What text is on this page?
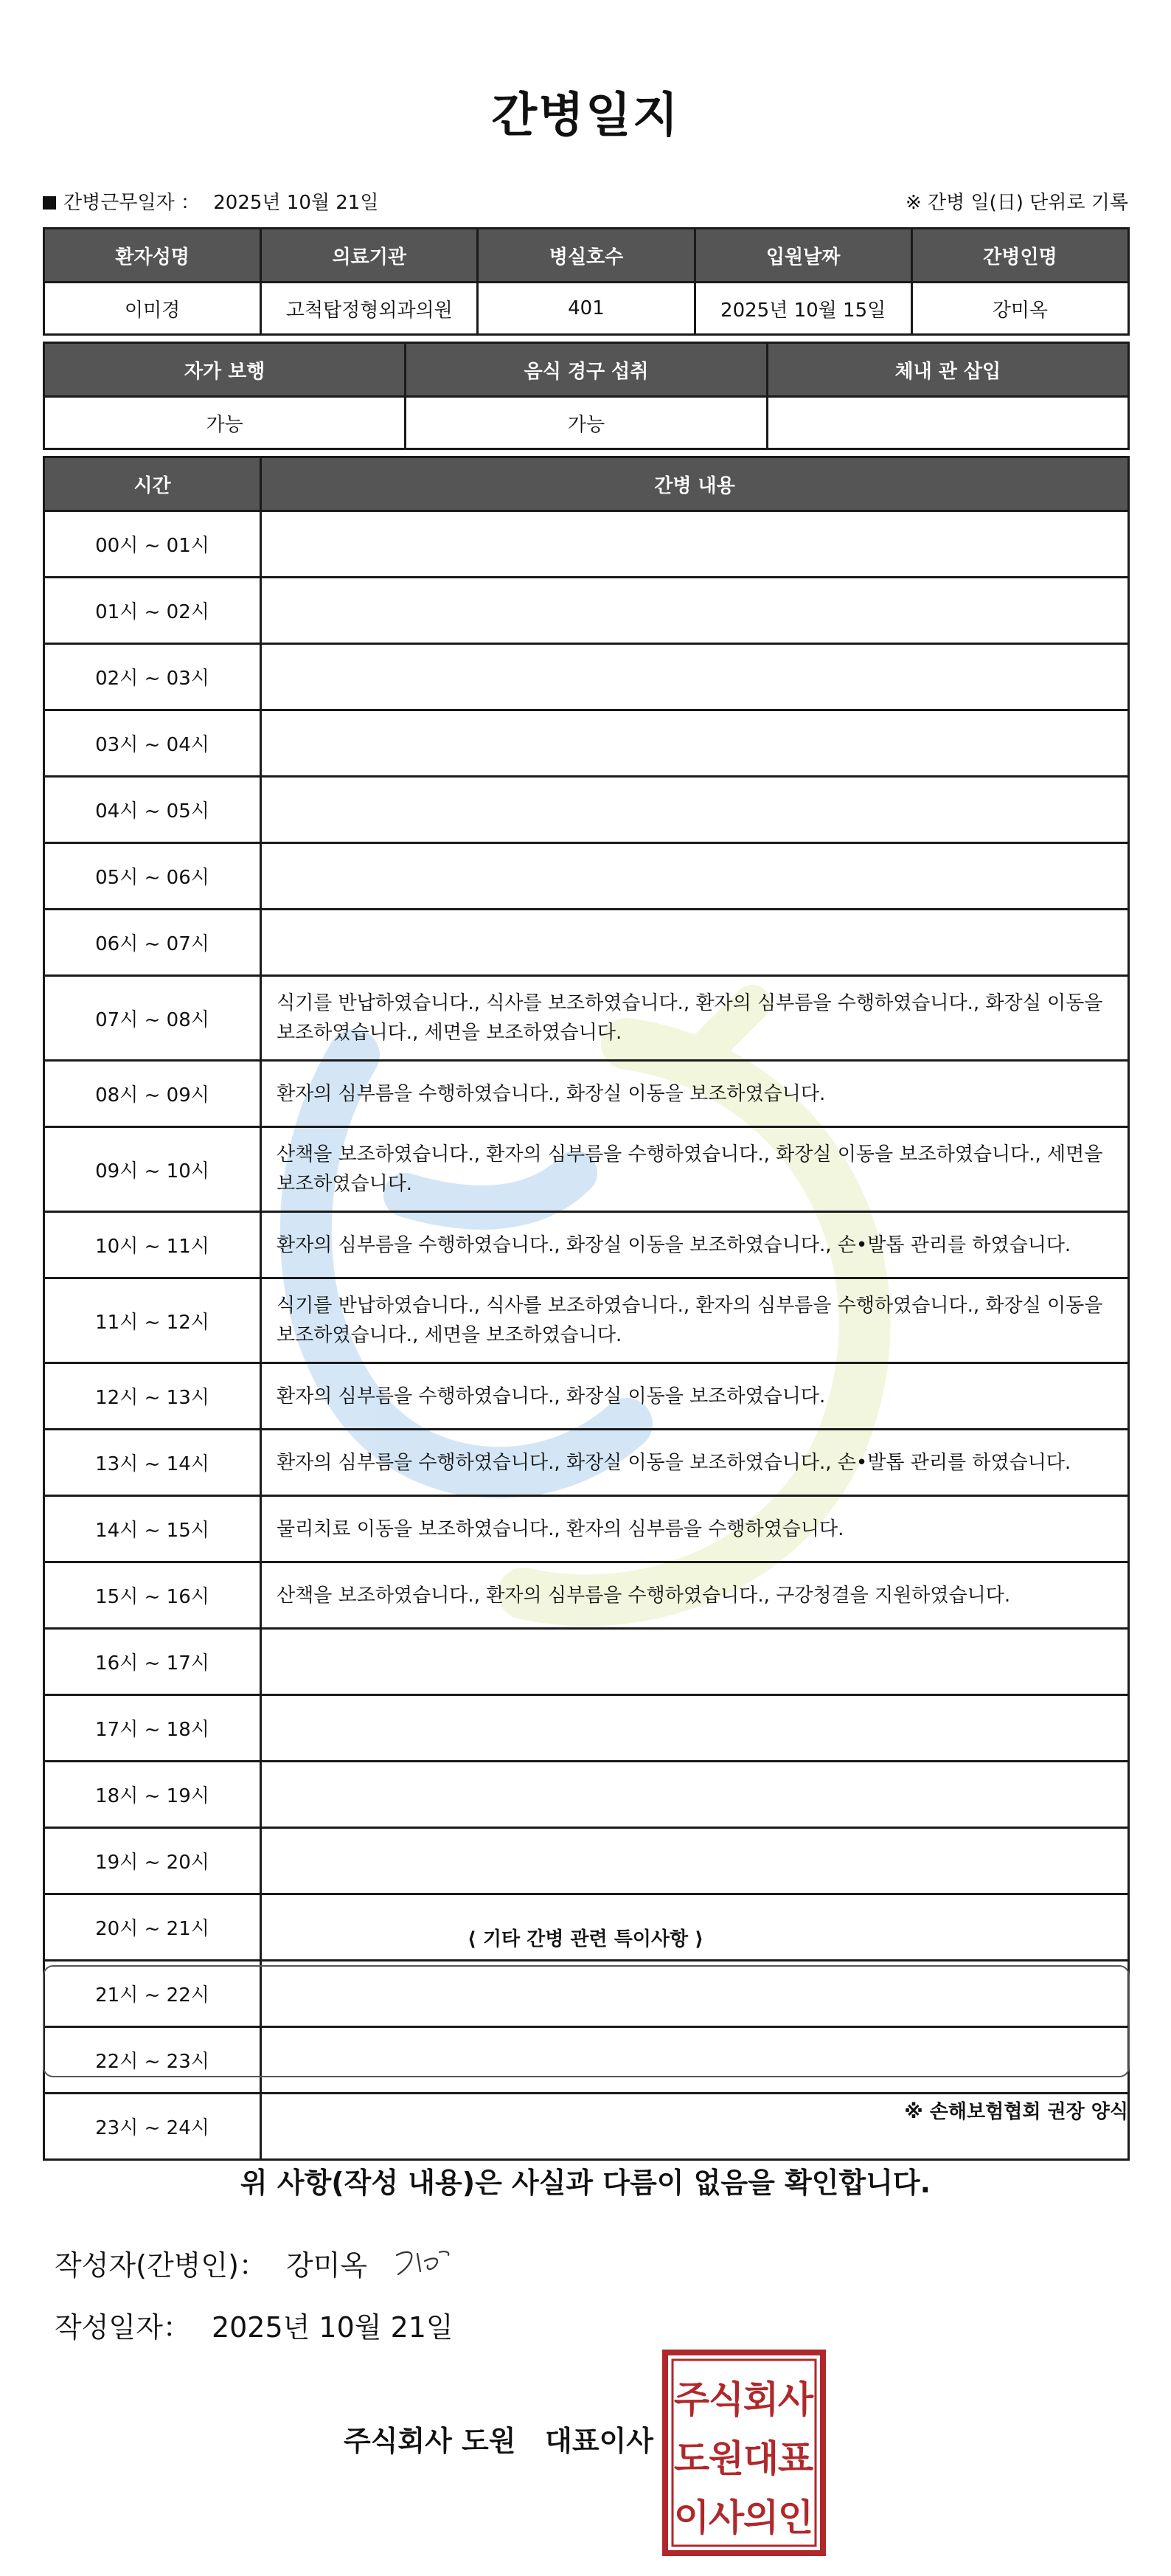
간병일지
간병근무일자 ： 2025년 10월 21일	※ 간병 일(日) 단위로 기록
환자성명	의료기관	병실호수	입원날짜	간병인명
이미경	고척탑정형외과의원	401	2025년 10월 15일	강미옥
자가 보행	음식 경구 섭취	체내 관 삽입
가능	가능	
시간	간병 내용
00시 ~ 01시	
01시 ~ 02시	
02시 ~ 03시	
03시 ~ 04시	
04시 ~ 05시	
05시 ~ 06시	
06시 ~ 07시	
07시 ~ 08시	식기를 반납하였습니다., 식사를 보조하였습니다., 환자의 심부름을 수행하였습니다., 화장실 이동을 보조하였습니다., 세면을 보조하였습니다.
08시 ~ 09시	환자의 심부름을 수행하였습니다., 화장실 이동을 보조하였습니다.
09시 ~ 10시	산책을 보조하였습니다., 환자의 심부름을 수행하였습니다., 화장실 이동을 보조하였습니다., 세면을 보조하였습니다.
10시 ~ 11시	환자의 심부름을 수행하였습니다., 화장실 이동을 보조하였습니다., 손•발톱 관리를 하였습니다.
11시 ~ 12시	식기를 반납하였습니다., 식사를 보조하였습니다., 환자의 심부름을 수행하였습니다., 화장실 이동을 보조하였습니다., 세면을 보조하였습니다.
12시 ~ 13시	환자의 심부름을 수행하였습니다., 화장실 이동을 보조하였습니다.
13시 ~ 14시	환자의 심부름을 수행하였습니다., 화장실 이동을 보조하였습니다., 손•발톱 관리를 하였습니다.
14시 ~ 15시	물리치료 이동을 보조하였습니다., 환자의 심부름을 수행하였습니다.
15시 ~ 16시	산책을 보조하였습니다., 환자의 심부름을 수행하였습니다., 구강청결을 지원하였습니다.
16시 ~ 17시	
17시 ~ 18시	
18시 ~ 19시	
19시 ~ 20시	
20시 ~ 21시	
21시 ~ 22시	
22시 ~ 23시	
23시 ~ 24시	
⟨ 기타 간병 관련 특이사항 ⟩
※ 손해보험협회 권장 양식
위 사항(작성 내용)은 사실과 다름이 없음을 확인합니다.
작성자(간병인)： 강미옥
작성일자： 2025년 10월 21일
주식회사 도원   대표이사
주
식
회
사
도
원
대
표
이
사
의
인
